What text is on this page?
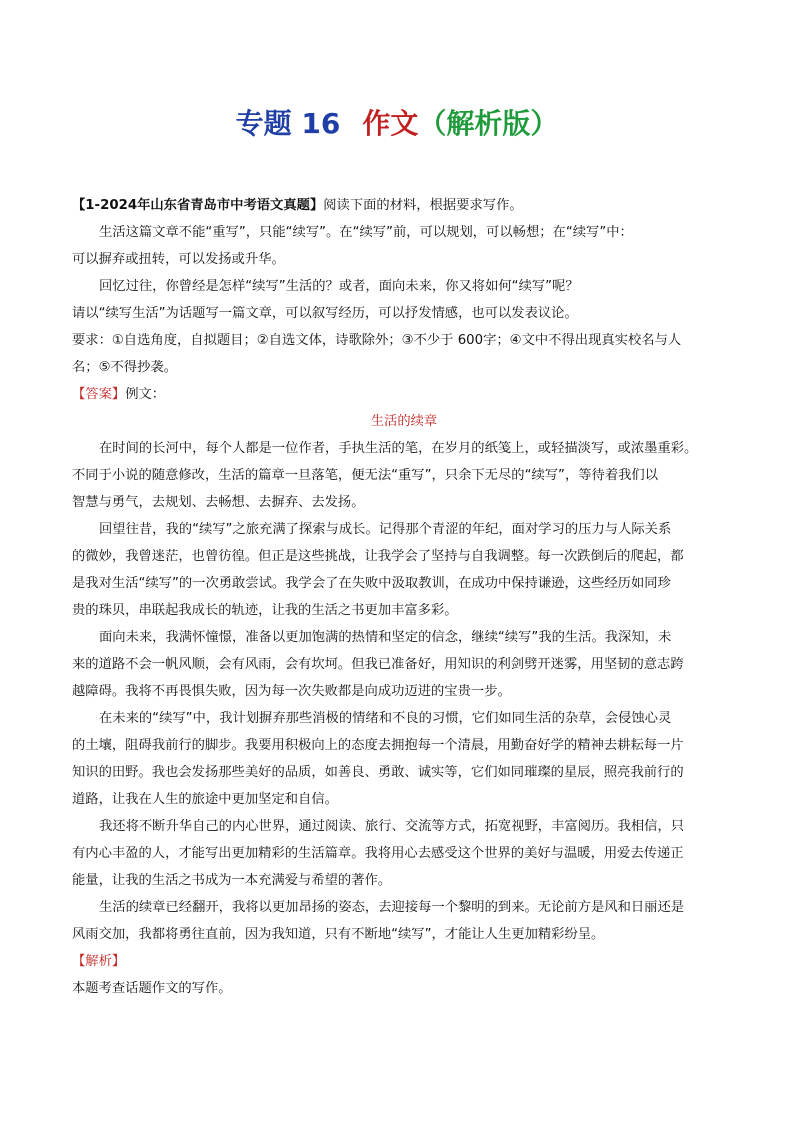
专题 16 作文（解析版）
【1-2024年山东省青岛市中考语文真题】阅读下面的材料，根据要求写作。
生活这篇文章不能“重写”，只能“续写”。在“续写”前，可以规划，可以畅想；在“续写”中：
可以摒弃或扭转，可以发扬或升华。
回忆过往，你曾经是怎样“续写”生活的？或者，面向未来，你又将如何“续写”呢？
请以“续写生活”为话题写一篇文章，可以叙写经历，可以抒发情感，也可以发表议论。
要求：①自选角度，自拟题目；②自选文体，诗歌除外；③不少于 600字；④文中不得出现真实校名与人
名；⑤不得抄袭。
【答案】例文：
生活的续章
在时间的长河中，每个人都是一位作者，手执生活的笔，在岁月的纸笺上，或轻描淡写，或浓墨重彩。
不同于小说的随意修改，生活的篇章一旦落笔，便无法“重写”，只余下无尽的“续写”，等待着我们以
智慧与勇气，去规划、去畅想、去摒弃、去发扬。
回望往昔，我的“续写”之旅充满了探索与成长。记得那个青涩的年纪，面对学习的压力与人际关系
的微妙，我曾迷茫，也曾彷徨。但正是这些挑战，让我学会了坚持与自我调整。每一次跌倒后的爬起，都
是我对生活“续写”的一次勇敢尝试。我学会了在失败中汲取教训，在成功中保持谦逊，这些经历如同珍
贵的珠贝，串联起我成长的轨迹，让我的生活之书更加丰富多彩。
面向未来，我满怀憧憬，准备以更加饱满的热情和坚定的信念，继续“续写”我的生活。我深知，未
来的道路不会一帆风顺，会有风雨，会有坎坷。但我已准备好，用知识的利剑劈开迷雾，用坚韧的意志跨
越障碍。我将不再畏惧失败，因为每一次失败都是向成功迈进的宝贵一步。
在未来的“续写”中，我计划摒弃那些消极的情绪和不良的习惯，它们如同生活的杂草，会侵蚀心灵
的土壤，阻碍我前行的脚步。我要用积极向上的态度去拥抱每一个清晨，用勤奋好学的精神去耕耘每一片
知识的田野。我也会发扬那些美好的品质，如善良、勇敢、诚实等，它们如同璀璨的星辰，照亮我前行的
道路，让我在人生的旅途中更加坚定和自信。
我还将不断升华自己的内心世界，通过阅读、旅行、交流等方式，拓宽视野，丰富阅历。我相信，只
有内心丰盈的人，才能写出更加精彩的生活篇章。我将用心去感受这个世界的美好与温暖，用爱去传递正
能量，让我的生活之书成为一本充满爱与希望的著作。
生活的续章已经翻开，我将以更加昂扬的姿态，去迎接每一个黎明的到来。无论前方是风和日丽还是
风雨交加，我都将勇往直前，因为我知道，只有不断地“续写”，才能让人生更加精彩纷呈。
【解析】
本题考查话题作文的写作。
